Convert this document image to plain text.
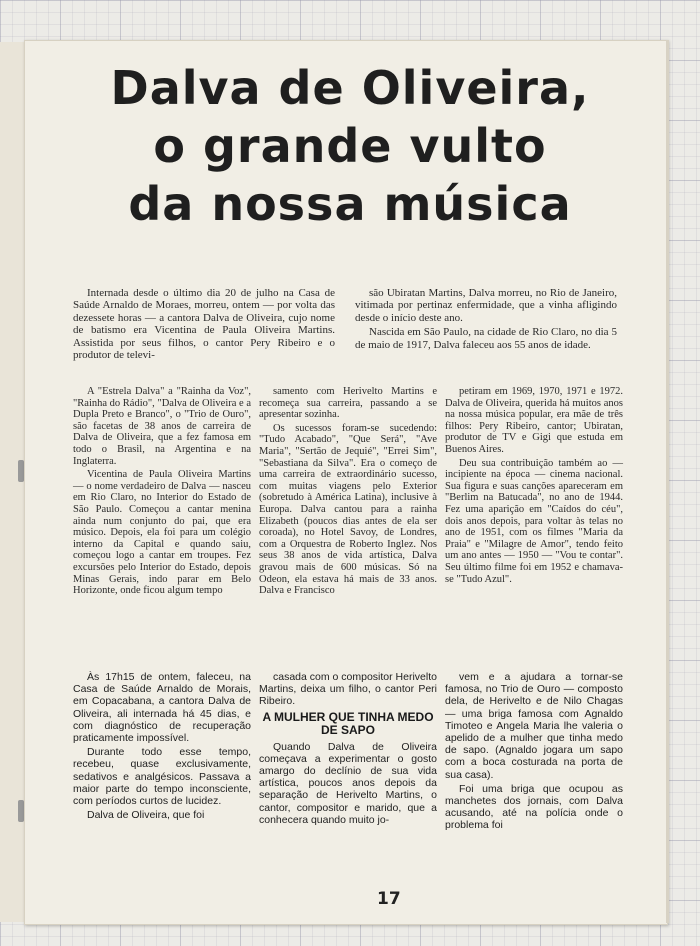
Dalva de Oliveira,
o grande vulto
da nossa música

Internada desde o último dia 20 de julho na Casa de Saúde Arnaldo de Moraes, morreu, ontem — por volta das dezessete horas — a cantora Dalva de Oliveira, cujo nome de batismo era Vicentina de Paula Oliveira Martins. Assistida por seus filhos, o cantor Pery Ribeiro e o produtor de televi-

são Ubiratan Martins, Dalva morreu, no Rio de Janeiro, vitimada por pertinaz enfermidade, que a vinha afligindo desde o início deste ano.

Nascida em São Paulo, na cidade de Rio Claro, no dia 5 de maio de 1917, Dalva faleceu aos 55 anos de idade.

A "Estrela Dalva" a "Rainha da Voz", "Rainha do Rádio", "Dalva de Oliveira e a Dupla Preto e Branco", o "Trio de Ouro", são facetas de 38 anos de carreira de Dalva de Oliveira, que a fez famosa em todo o Brasil, na Argentina e na Inglaterra.

Vicentina de Paula Oliveira Martins — o nome verdadeiro de Dalva — nasceu em Rio Claro, no Interior do Estado de São Paulo. Começou a cantar menina ainda num conjunto do pai, que era músico. Depois, ela foi para um colégio interno da Capital e quando saiu, começou logo a cantar em troupes. Fez excursões pelo Interior do Estado, depois Minas Gerais, indo parar em Belo Horizonte, onde ficou algum tempo

samento com Herivelto Martins e recomeça sua carreira, passando a se apresentar sozinha.

Os sucessos foram-se sucedendo: "Tudo Acabado", "Que Será", "Ave Maria", "Sertão de Jequié", "Errei Sim", "Sebastiana da Silva". Era o começo de uma carreira de extraordinário sucesso, com muitas viagens pelo Exterior (sobretudo à América Latina), inclusive à Europa. Dalva cantou para a rainha Elizabeth (poucos dias antes de ela ser coroada), no Hotel Savoy, de Londres, com a Orquestra de Roberto Inglez. Nos seus 38 anos de vida artística, Dalva gravou mais de 600 músicas. Só na Odeon, ela estava há mais de 33 anos. Dalva e Francisco

petiram em 1969, 1970, 1971 e 1972. Dalva de Oliveira, querida há muitos anos na nossa música popular, era mãe de três filhos: Pery Ribeiro, cantor; Ubiratan, produtor de TV e Gigi que estuda em Buenos Aires.

Deu sua contribuição também ao — incipiente na época — cinema nacional. Sua figura e suas canções apareceram em "Berlim na Batucada", no ano de 1944. Fez uma aparição em "Caídos do céu", dois anos depois, para voltar às telas no ano de 1951, com os filmes "Maria da Praia" e "Milagre de Amor", tendo feito um ano antes — 1950 — "Vou te contar". Seu último filme foi em 1952 e chamava-se "Tudo Azul".

Às 17h15 de ontem, faleceu, na Casa de Saúde Arnaldo de Morais, em Copacabana, a cantora Dalva de Oliveira, ali internada há 45 dias, e com diagnóstico de recuperação praticamente impossível.

Durante todo esse tempo, recebeu, quase exclusivamente, sedativos e analgésicos. Passava a maior parte do tempo inconsciente, com períodos curtos de lucidez.

Dalva de Oliveira, que foi

casada com o compositor Herivelto Martins, deixa um filho, o cantor Peri Ribeiro.

A MULHER QUE TINHA MEDO DE SAPO

Quando Dalva de Oliveira começava a experimentar o gosto amargo do declínio de sua vida artística, poucos anos depois da separação de Herivelto Martins, o cantor, compositor e marido, que a conhecera quando muito jo-

vem e a ajudara a tornar-se famosa, no Trio de Ouro — composto dela, de Herivelto e de Nilo Chagas — uma briga famosa com Agnaldo Timoteo e Angela Maria lhe valeria o apelido de a mulher que tinha medo de sapo. (Agnaldo jogara um sapo com a boca costurada na porta de sua casa).

Foi uma briga que ocupou as manchetes dos jornais, com Dalva acusando, até na polícia onde o problema foi

17
